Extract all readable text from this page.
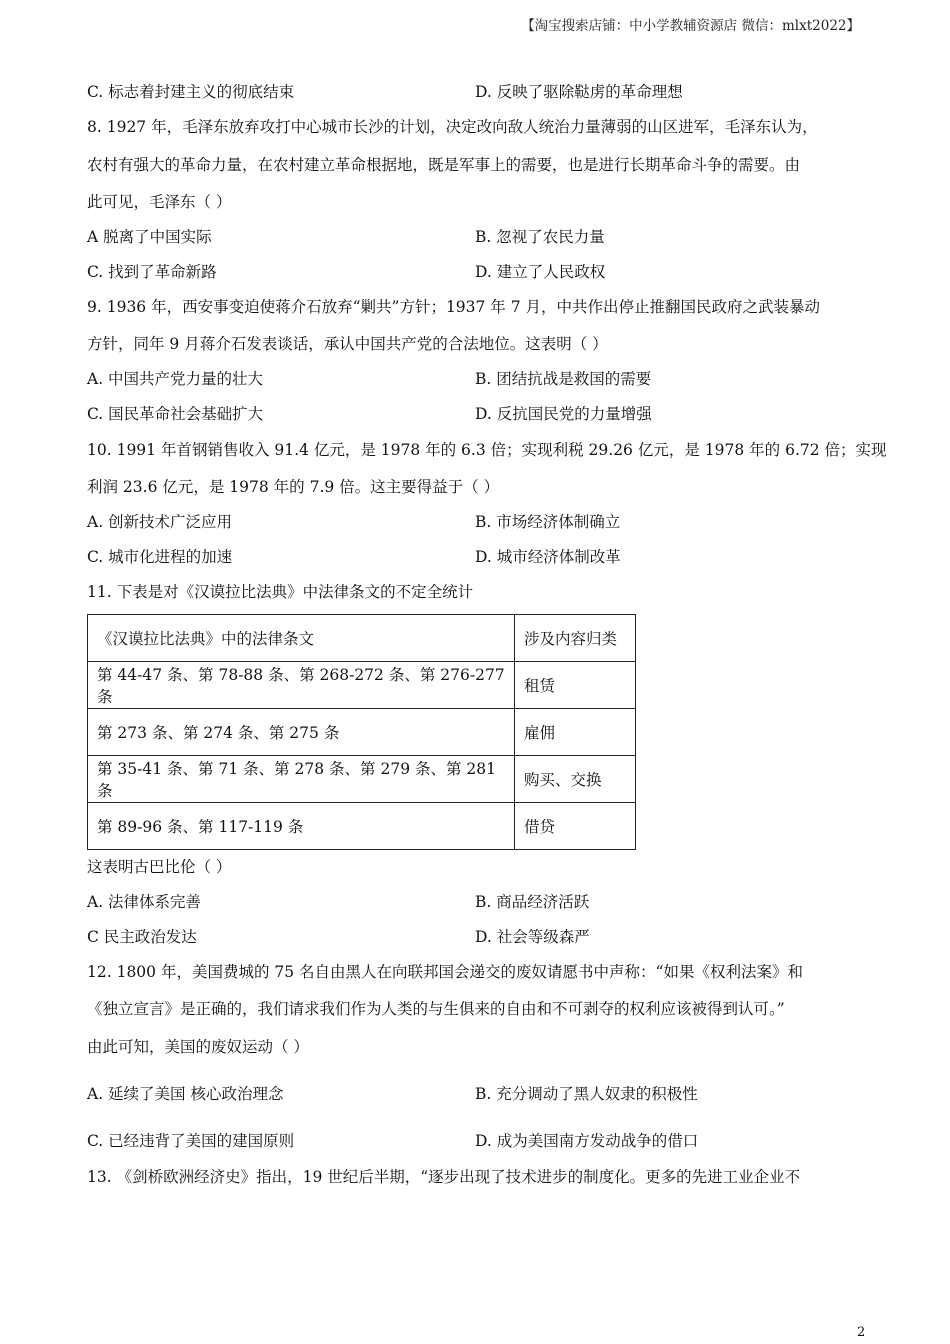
【淘宝搜索店铺：中小学教辅资源店 微信：mlxt2022】
C. 标志着封建主义的彻底结束	D. 反映了驱除鞑虏的革命理想
8. 1927 年，毛泽东放弃攻打中心城市长沙的计划，决定改向敌人统治力量薄弱的山区进军，毛泽东认为，
农村有强大的革命力量，在农村建立革命根据地，既是军事上的需要，也是进行长期革命斗争的需要。由
此可见，毛泽东（ ）
A 脱离了中国实际	B. 忽视了农民力量
C. 找到了革命新路	D. 建立了人民政权
9. 1936 年，西安事变迫使蒋介石放弃“剿共”方针；1937 年 7 月，中共作出停止推翻国民政府之武装暴动
方针，同年 9 月蒋介石发表谈话，承认中国共产党的合法地位。这表明（ ）
A. 中国共产党力量的壮大	B. 团结抗战是救国的需要
C. 国民革命社会基础扩大	D. 反抗国民党的力量增强
10. 1991 年首钢销售收入 91.4 亿元，是 1978 年的 6.3 倍；实现利税 29.26 亿元，是 1978 年的 6.72 倍；实现
利润 23.6 亿元，是 1978 年的 7.9 倍。这主要得益于（ ）
A. 创新技术广泛应用	B. 市场经济体制确立
C. 城市化进程的加速	D. 城市经济体制改革
11. 下表是对《汉谟拉比法典》中法律条文的不定全统计
《汉谟拉比法典》中的法律条文	涉及内容归类
第 44-47 条、第 78-88 条、第 268-272 条、第 276-277 条	租赁
第 273 条、第 274 条、第 275 条	雇佣
第 35-41 条、第 71 条、第 278 条、第 279 条、第 281 条	购买、交换
第 89-96 条、第 117-119 条	借贷
这表明古巴比伦（ ）
A. 法律体系完善	B. 商品经济活跃
C 民主政治发达	D. 社会等级森严
12. 1800 年，美国费城的 75 名自由黑人在向联邦国会递交的废奴请愿书中声称：“如果《权利法案》和
《独立宣言》是正确的，我们请求我们作为人类的与生俱来的自由和不可剥夺的权利应该被得到认可。”
由此可知，美国的废奴运动（ ）
A. 延续了美国 核心政治理念	B. 充分调动了黑人奴隶的积极性
C. 已经违背了美国的建国原则	D. 成为美国南方发动战争的借口
13. 《剑桥欧洲经济史》指出，19 世纪后半期，“逐步出现了技术进步的制度化。更多的先进工业企业不
2
